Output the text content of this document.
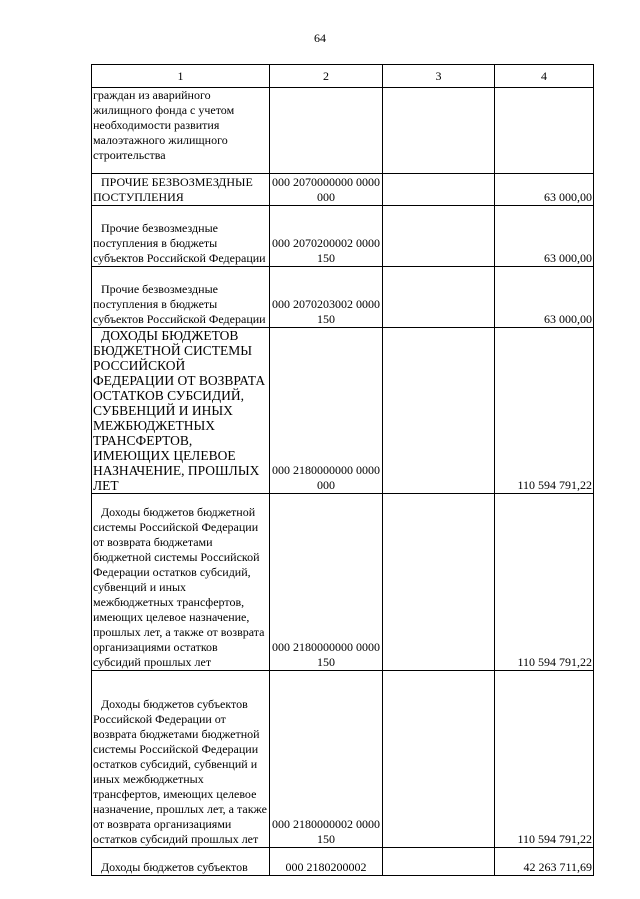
64
1	2	3	4
граждан из аварийного жилищного фонда с учетом необходимости развития малоэтажного жилищного строительства			
ПРОЧИЕ БЕЗВОЗМЕЗДНЫЕ ПОСТУПЛЕНИЯ	000 2070000000 0000 000		63 000,00
Прочие безвозмездные поступления в бюджеты субъектов Российской Федерации	000 2070200002 0000 150		63 000,00
Прочие безвозмездные поступления в бюджеты субъектов Российской Федерации	000 2070203002 0000 150		63 000,00
ДОХОДЫ БЮДЖЕТОВ БЮДЖЕТНОЙ СИСТЕМЫ РОССИЙСКОЙ ФЕДЕРАЦИИ ОТ ВОЗВРАТА ОСТАТКОВ СУБСИДИЙ, СУБВЕНЦИЙ И ИНЫХ МЕЖБЮДЖЕТНЫХ ТРАНСФЕРТОВ, ИМЕЮЩИХ ЦЕЛЕВОЕ НАЗНАЧЕНИЕ, ПРОШЛЫХ ЛЕТ	000 2180000000 0000 000		110 594 791,22
Доходы бюджетов бюджетной системы Российской Федерации от возврата бюджетами бюджетной системы Российской Федерации остатков субсидий, субвенций и иных межбюджетных трансфертов, имеющих целевое назначение, прошлых лет, а также от возврата организациями остатков субсидий прошлых лет	000 2180000000 0000 150		110 594 791,22
Доходы бюджетов субъектов Российской Федерации от возврата бюджетами бюджетной системы Российской Федерации остатков субсидий, субвенций и иных межбюджетных трансфертов, имеющих целевое назначение, прошлых лет, а также от возврата организациями остатков субсидий прошлых лет	000 2180000002 0000 150		110 594 791,22
Доходы бюджетов субъектов	000 2180200002		42 263 711,69
